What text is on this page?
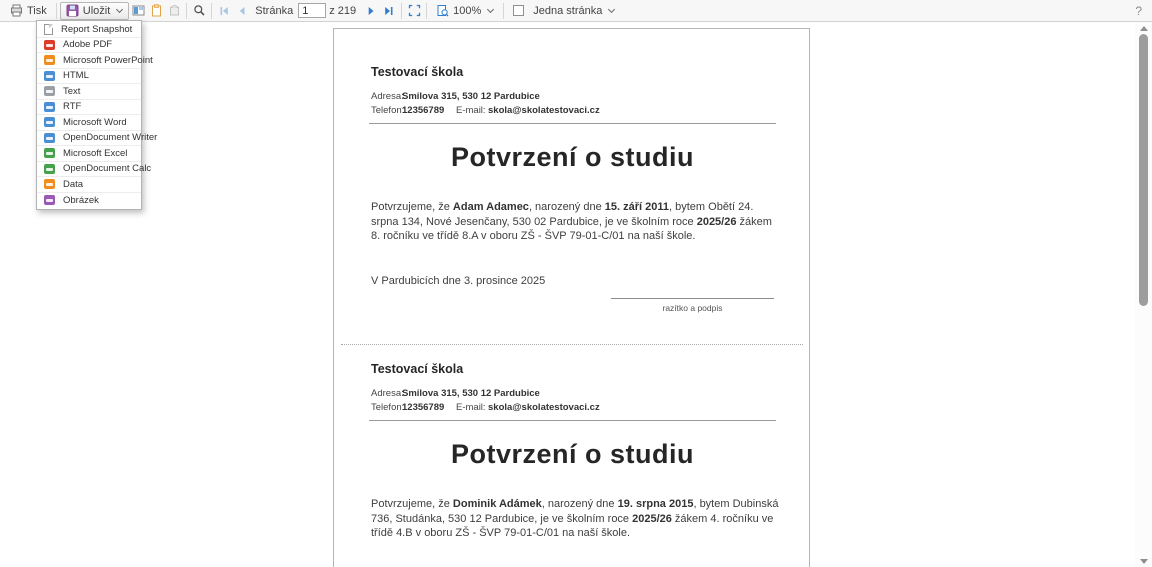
Tisk	Uložit	Stránka
1	z 219	100%	Jedna stránka	?
Report Snapshot
Adobe PDF
Microsoft PowerPoint
HTML
Text
RTF
Microsoft Word
OpenDocument Writer
Microsoft Excel
OpenDocument Calc
Data
Obrázek
Testovací škola
Adresa:
Smilova 315, 530 12 Pardubice
Telefon:
12356789 E-mail: skola@skolatestovaci.cz
Potvrzení o studiu
Potvrzujeme, že Adam Adamec, narozený dne 15. září 2011, bytem Obětí 24. srpna 134, Nové Jesenčany, 530 02 Pardubice, je ve školním roce 2025/26 žákem 8. ročníku ve třídě 8.A v oboru ZŠ - ŠVP 79-01-C/01 na naší škole.
V Pardubicích dne 3. prosince 2025
razítko a podpis
Testovací škola
Adresa:
Smilova 315, 530 12 Pardubice
Telefon:
12356789 E-mail: skola@skolatestovaci.cz
Potvrzení o studiu
Potvrzujeme, že Dominik Adámek, narozený dne 19. srpna 2015, bytem Dubinská 736, Studánka, 530 12 Pardubice, je ve školním roce 2025/26 žákem 4. ročníku ve třídě 4.B v oboru ZŠ - ŠVP 79-01-C/01 na naší škole.
